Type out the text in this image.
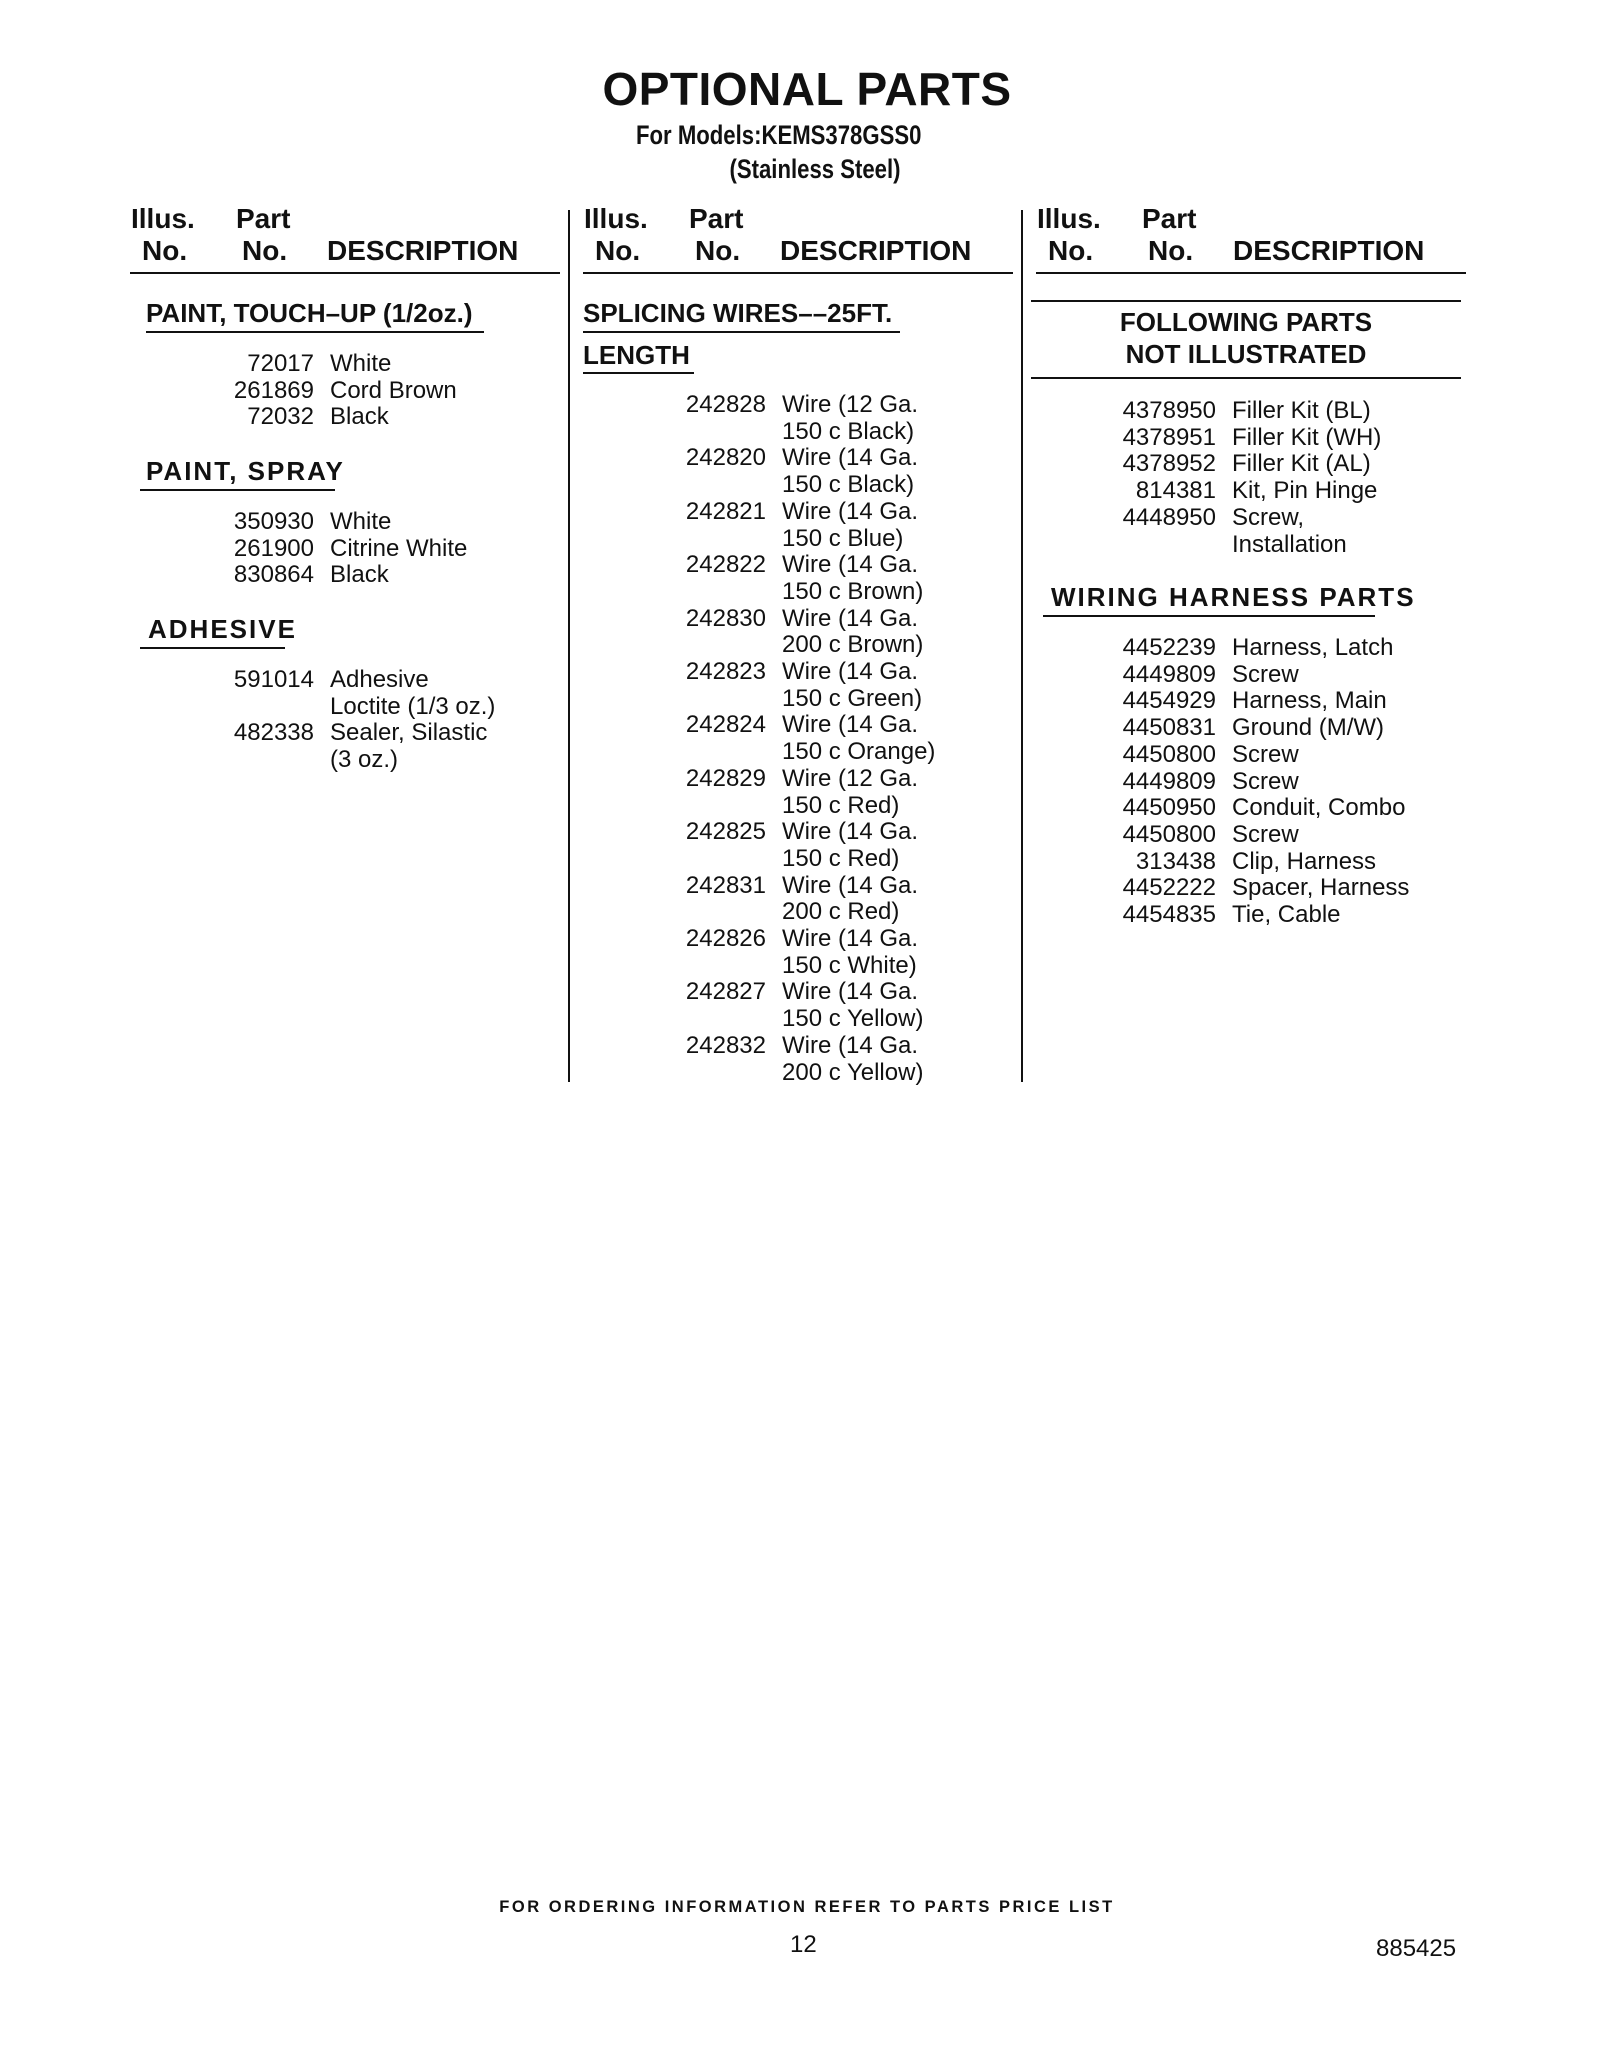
OPTIONAL PARTS
For Models:KEMS378GSS0
(Stainless Steel)
Illus.
No.
Part
No. DESCRIPTION
Illus.
No.
Part
No. DESCRIPTION
Illus.
No.
Part
No. DESCRIPTION
PAINT, TOUCH–UP (1/2oz.)
72017 White
261869 Cord Brown
72032 Black
PAINT, SPRAY
350930 White
261900 Citrine White
830864 Black
ADHESIVE
591014 Adhesive
Loctite (1/3 oz.)
482338 Sealer, Silastic
(3 oz.)
SPLICING WIRES––25FT.
LENGTH
242828 Wire (12 Ga.
150 c Black)
242820 Wire (14 Ga.
150 c Black)
242821 Wire (14 Ga.
150 c Blue)
242822 Wire (14 Ga.
150 c Brown)
242830 Wire (14 Ga.
200 c Brown)
242823 Wire (14 Ga.
150 c Green)
242824 Wire (14 Ga.
150 c Orange)
242829 Wire (12 Ga.
150 c Red)
242825 Wire (14 Ga.
150 c Red)
242831 Wire (14 Ga.
200 c Red)
242826 Wire (14 Ga.
150 c White)
242827 Wire (14 Ga.
150 c Yellow)
242832 Wire (14 Ga.
200 c Yellow)
FOLLOWING PARTS
NOT ILLUSTRATED
4378950 Filler Kit (BL)
4378951 Filler Kit (WH)
4378952 Filler Kit (AL)
814381 Kit, Pin Hinge
4448950 Screw,
Installation
WIRING HARNESS PARTS
4452239 Harness, Latch
4449809 Screw
4454929 Harness, Main
4450831 Ground (M/W)
4450800 Screw
4449809 Screw
4450950 Conduit, Combo
4450800 Screw
313438 Clip, Harness
4452222 Spacer, Harness
4454835 Tie, Cable
FOR ORDERING INFORMATION REFER TO PARTS PRICE LIST
12	885425
